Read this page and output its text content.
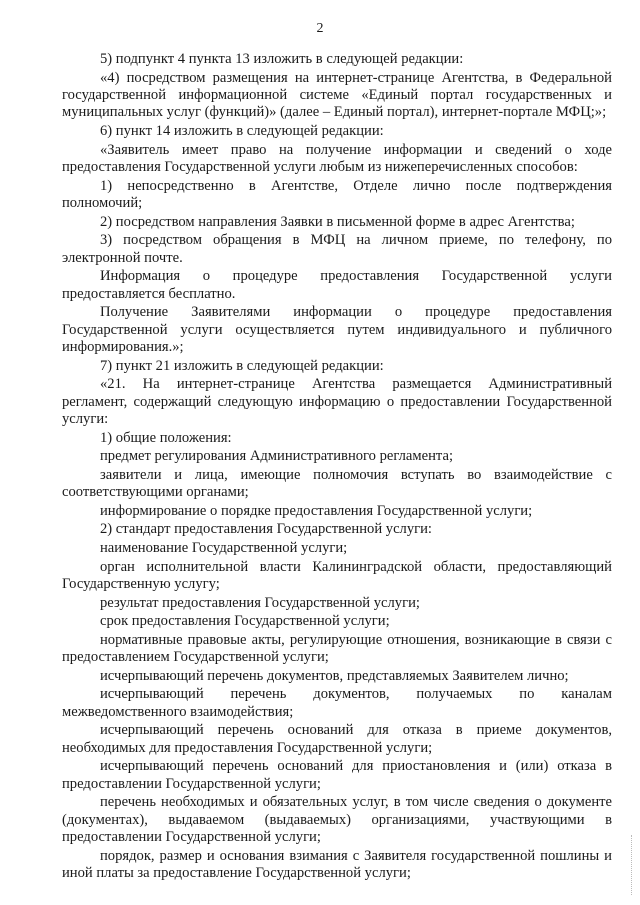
2

5) подпункт 4 пункта 13 изложить в следующей редакции:

«4) посредством размещения на интернет-странице Агентства, в Федеральной государственной информационной системе «Единый портал государственных и муниципальных услуг (функций)» (далее – Единый портал), интернет-портале МФЦ;»;

6) пункт 14 изложить в следующей редакции:

«Заявитель имеет право на получение информации и сведений о ходе предоставления Государственной услуги любым из нижеперечисленных способов:

1) непосредственно в Агентстве, Отделе лично после подтверждения полномочий;

2) посредством направления Заявки в письменной форме в адрес Агентства;

3) посредством обращения в МФЦ на личном приеме, по телефону, по электронной почте.

Информация о процедуре предоставления Государственной услуги предоставляется бесплатно.

Получение Заявителями информации о процедуре предоставления Государственной услуги осуществляется путем индивидуального и публичного информирования.»;

7) пункт 21 изложить в следующей редакции:

«21. На интернет-странице Агентства размещается Административный регламент, содержащий следующую информацию о предоставлении Государственной услуги:

1) общие положения:

предмет регулирования Административного регламента;

заявители и лица, имеющие полномочия вступать во взаимодействие с соответствующими органами;

информирование о порядке предоставления Государственной услуги;

2) стандарт предоставления Государственной услуги:

наименование Государственной услуги;

орган исполнительной власти Калининградской области, предоставляющий Государственную услугу;

результат предоставления Государственной услуги;

срок предоставления Государственной услуги;

нормативные правовые акты, регулирующие отношения, возникающие в связи с предоставлением Государственной услуги;

исчерпывающий перечень документов, представляемых Заявителем лично;

исчерпывающий перечень документов, получаемых по каналам межведомственного взаимодействия;

исчерпывающий перечень оснований для отказа в приеме документов, необходимых для предоставления Государственной услуги;

исчерпывающий перечень оснований для приостановления и (или) отказа в предоставлении Государственной услуги;

перечень необходимых и обязательных услуг, в том числе сведения о документе (документах), выдаваемом (выдаваемых) организациями, участвующими в предоставлении Государственной услуги;

порядок, размер и основания взимания с Заявителя государственной пошлины и иной платы за предоставление Государственной услуги;
